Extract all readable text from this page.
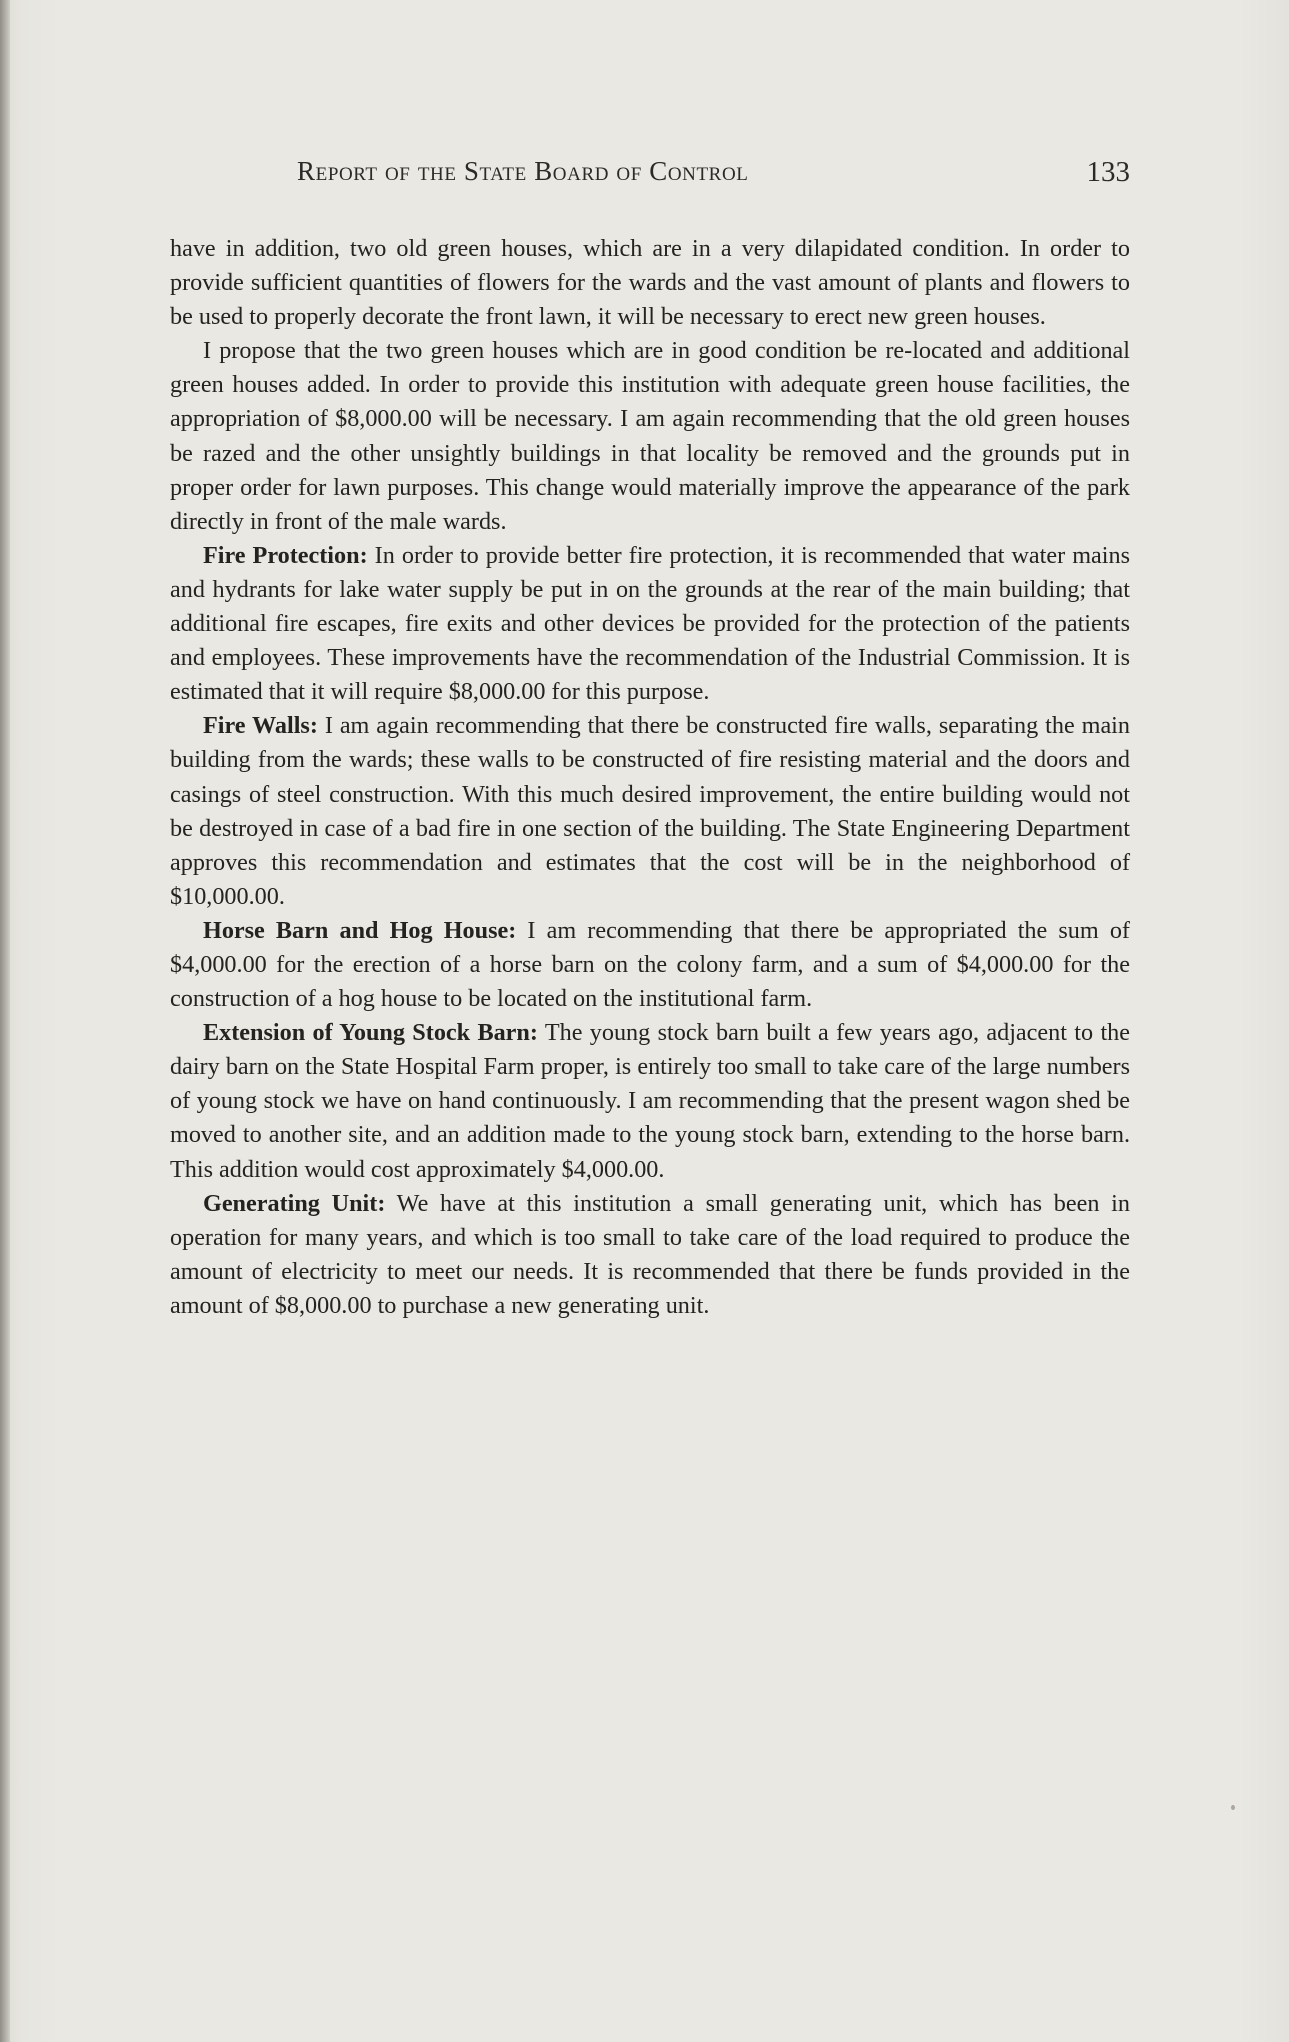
Report of the State Board of Control	133

have in addition, two old green houses, which are in a very dilapidated condition. In order to provide sufficient quantities of flowers for the wards and the vast amount of plants and flowers to be used to properly decorate the front lawn, it will be necessary to erect new green houses.

I propose that the two green houses which are in good condition be re-located and additional green houses added. In order to provide this institution with adequate green house facilities, the appropriation of $8,000.00 will be necessary. I am again recommending that the old green houses be razed and the other unsightly buildings in that locality be removed and the grounds put in proper order for lawn purposes. This change would materially improve the appearance of the park directly in front of the male wards.

Fire Protection: In order to provide better fire protection, it is recommended that water mains and hydrants for lake water supply be put in on the grounds at the rear of the main building; that additional fire escapes, fire exits and other devices be provided for the protection of the patients and employees. These improvements have the recommendation of the Industrial Commission. It is estimated that it will require $8,000.00 for this purpose.

Fire Walls: I am again recommending that there be constructed fire walls, separating the main building from the wards; these walls to be constructed of fire resisting material and the doors and casings of steel construction. With this much desired improvement, the entire building would not be destroyed in case of a bad fire in one section of the building. The State Engineering Department approves this recommendation and estimates that the cost will be in the neighborhood of $10,000.00.

Horse Barn and Hog House: I am recommending that there be appropriated the sum of $4,000.00 for the erection of a horse barn on the colony farm, and a sum of $4,000.00 for the construction of a hog house to be located on the institutional farm.

Extension of Young Stock Barn: The young stock barn built a few years ago, adjacent to the dairy barn on the State Hospital Farm proper, is entirely too small to take care of the large numbers of young stock we have on hand continuously. I am recommending that the present wagon shed be moved to another site, and an addition made to the young stock barn, extending to the horse barn. This addition would cost approximately $4,000.00.

Generating Unit: We have at this institution a small generating unit, which has been in operation for many years, and which is too small to take care of the load required to produce the amount of electricity to meet our needs. It is recommended that there be funds provided in the amount of $8,000.00 to purchase a new generating unit.
